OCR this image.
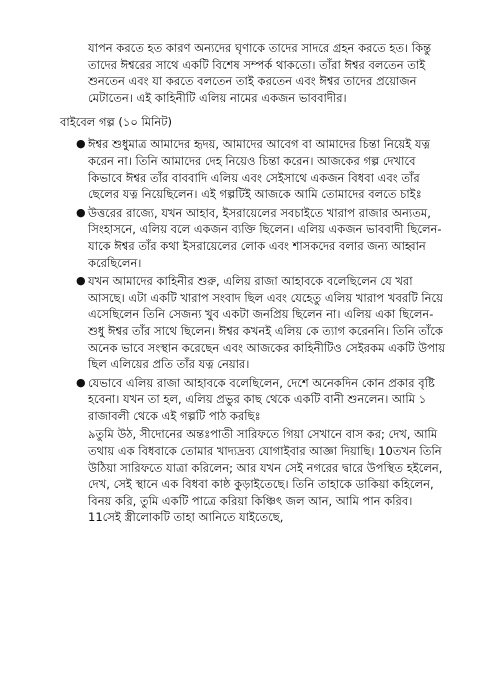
যাপন করতে হত কারণ অন্যদের ঘৃণাকে তাদের সাদরে গ্রহন করতে হত। কিন্তু তাদের ঈশ্বরের সাথে একটি বিশেষ সম্পর্ক থাকতো। তাঁরা ঈশ্বর বলতেন তাই শুনতেন এবং যা করতে বলতেন তাই করতেন এবং ঈশ্বর তাদের প্রয়োজন মেটাতেন। এই কাহিনীটি এলিয় নামের একজন ভাববাদীর।

বাইবেল গল্প (১০ মিনিট)
● ঈশ্বর শুধুমাত্র আমাদের হৃদয়, আমাদের আবেগ বা আমাদের চিন্তা নিয়েই যত্ন করেন না। তিনি আমাদের দেহ নিয়েও চিন্তা করেন। আজকের গল্প দেখাবে কিভাবে ঈশ্বর তাঁর বাববাদি এলিয় এবং সেইসাথে একজন বিধবা এবং তাঁর ছেলের যত্ন নিয়েছিলেন। এই গল্পটিই আজকে আমি তোমাদের বলতে চাইঃ
● উত্তরের রাজ্যে, যখন আহাব, ইসরায়েলের সবচাইতে খারাপ রাজার অন্যতম, সিংহাসনে, এলিয় বলে একজন ব্যক্তি ছিলেন। এলিয় একজন ভাববাদী ছিলেন- যাকে ঈশ্বর তাঁর কথা ইসরায়েলের লোক এবং শাসকদের বলার জন্য আহ্বান করেছিলেন।
● যখন আমাদের কাহিনীর শুরু, এলিয় রাজা আহাবকে বলেছিলেন যে খরা আসছে। এটা একটি খারাপ সংবাদ ছিল এবং যেহেতু এলিয় খারাপ খবরটি নিয়ে এসেছিলেন তিনি সেজন্য খুব একটা জনপ্রিয় ছিলেন না। এলিয় একা ছিলেন- শুধু ঈশ্বর তাঁর সাথে ছিলেন। ঈশ্বর কখনই এলিয় কে ত্যাগ করেননি। তিনি তাঁকে অনেক ভাবে সংস্থান করেছেন এবং আজকের কাহিনীটিও সেইরকম একটি উপায় ছিল এলিয়ের প্রতি তাঁর যত্ন নেয়ার।
● যেভাবে এলিয় রাজা আহাবকে বলেছিলেন, দেশে অনেকদিন কোন প্রকার বৃষ্টি হবেনা। যখন তা হল, এলিয় প্রভুর কাছ থেকে একটি বানী শুনলেন। আমি ১ রাজাবলী থেকে এই গল্পটি পাঠ করছিঃ
৯তুমি উঠ, সীদোনের অন্তঃপাতী সারিফতে গিয়া সেখানে বাস কর; দেখ, আমি তথায় এক বিধবাকে তোমার খাদ্যদ্রব্য যোগাইবার আজ্ঞা দিয়াছি। 10তখন তিনি উঠিয়া সারিফতে যাত্রা করিলেন; আর যখন সেই নগরের দ্বারে উপস্থিত হইলেন, দেখ, সেই স্থানে এক বিধবা কাষ্ঠ কুড়াইতেছে। তিনি তাহাকে ডাকিয়া কহিলেন, বিনয় করি, তুমি একটি পাত্রে করিয়া কিঞ্চিৎ জল আন, আমি পান করিব। 11সেই স্ত্রীলোকটি তাহা আনিতে যাইতেছে,
